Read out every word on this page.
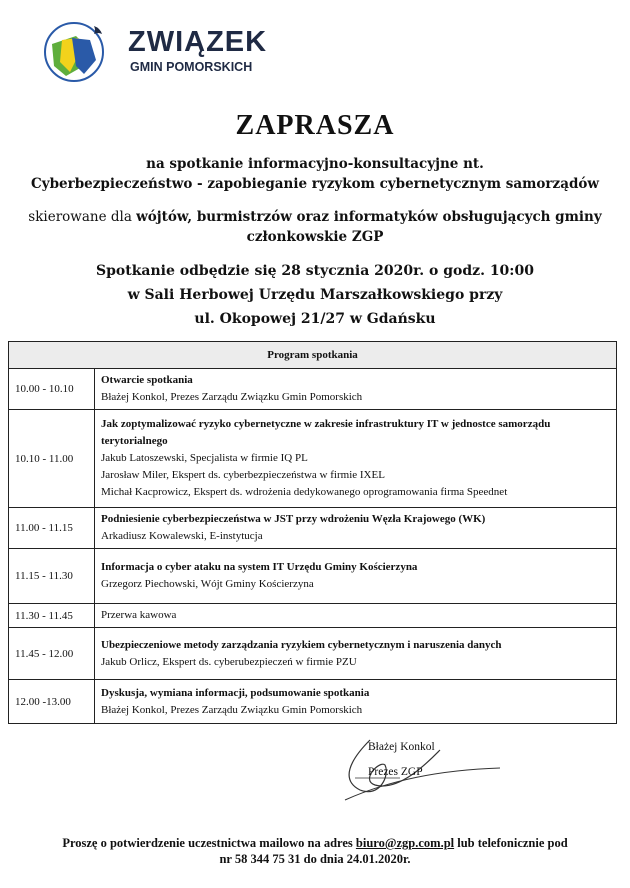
ZWIĄZEK
GMIN POMORSKICH
ZAPRASZA
na spotkanie informacyjno-konsultacyjne nt.
Cyberbezpieczeństwo - zapobieganie ryzykom cybernetycznym samorządów
skierowane dla wójtów, burmistrzów oraz informatyków obsługujących gminy
członkowskie ZGP
Spotkanie odbędzie się 28 stycznia 2020r. o godz. 10:00
w Sali Herbowej Urzędu Marszałkowskiego przy
ul. Okopowej 21/27 w Gdańsku
Program spotkania	
10.00 - 10.10	Otwarcie spotkania
Błażej Konkol, Prezes Zarządu Związku Gmin Pomorskich

10.10 - 11.00	Jak zoptymalizować ryzyko cybernetyczne w zakresie infrastruktury IT w jednostce samorządu terytorialnego
Jakub Latoszewski, Specjalista w firmie IQ PL
Jarosław Miler, Ekspert ds. cyberbezpieczeństwa w firmie IXEL
Michał Kacprowicz, Ekspert ds. wdrożenia dedykowanego oprogramowania firma Speednet

11.00 - 11.15	Podniesienie cyberbezpieczeństwa w JST przy wdrożeniu Węzła Krajowego (WK)
Arkadiusz Kowalewski, E-instytucja

11.15 - 11.30	Informacja o cyber ataku na system IT Urzędu Gminy Kościerzyna
Grzegorz Piechowski, Wójt Gminy Kościerzyna

11.30 - 11.45	Przerwa kawowa

11.45 - 12.00	Ubezpieczeniowe metody zarządzania ryzykiem cybernetycznym i naruszenia danych
Jakub Orlicz, Ekspert ds. cyberubezpieczeń w firmie PZU

12.00 -13.00	Dyskusja, wymiana informacji, podsumowanie spotkania
Błażej Konkol, Prezes Zarządu Związku Gmin Pomorskich
Błażej Konkol
Prezes ZGP
Proszę o potwierdzenie uczestnictwa mailowo na adres biuro@zgp.com.pl lub telefonicznie pod
nr 58 344 75 31 do dnia 24.01.2020r.
